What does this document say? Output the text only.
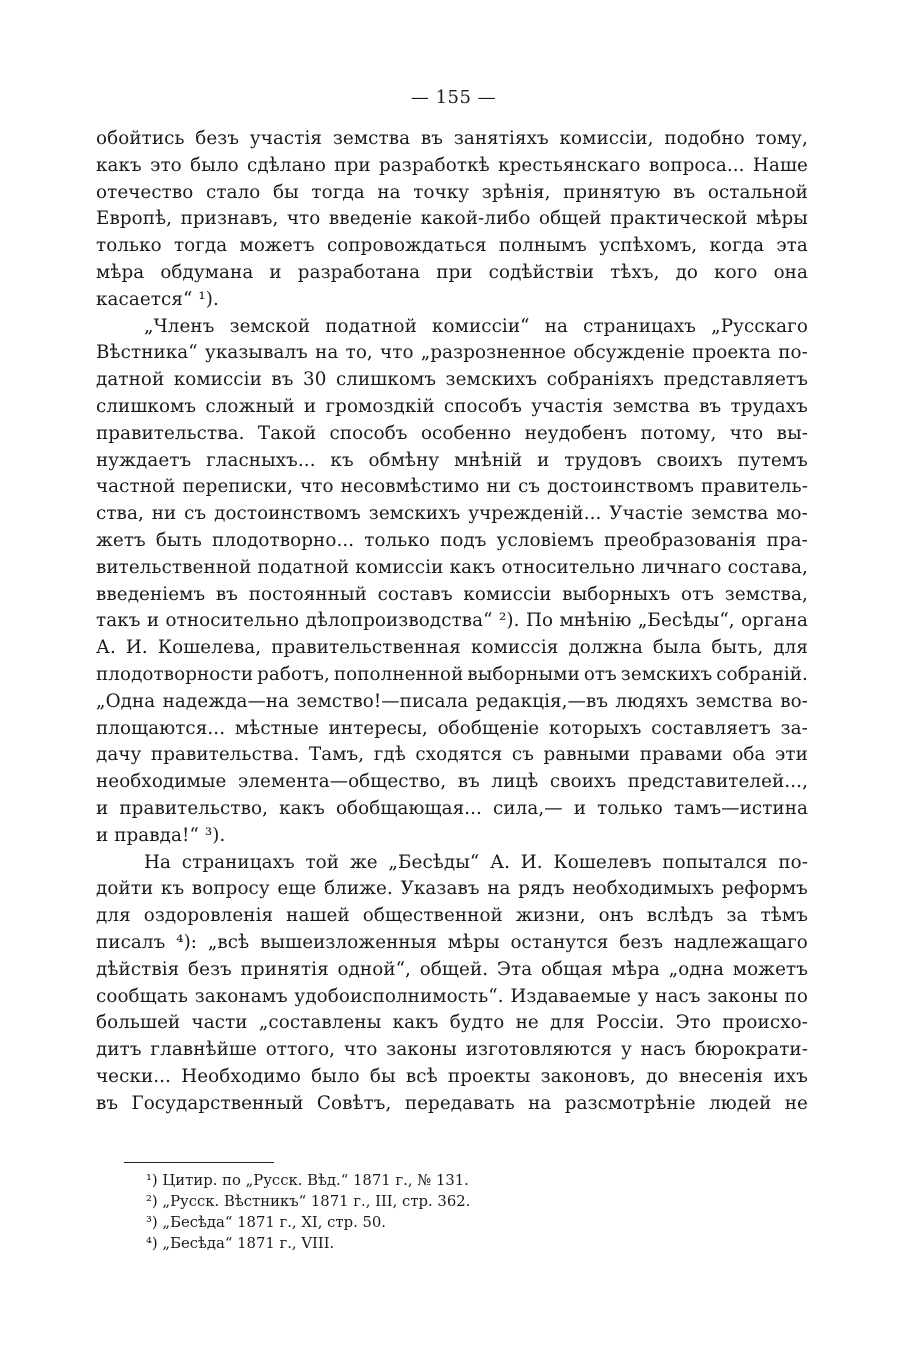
— 155 —
обойтись безъ участія земства въ занятіяхъ комиссіи, подобно тому,
какъ это было сдѣлано при разработкѣ крестьянскаго вопроса... Наше
отечество стало бы тогда на точку зрѣнія, принятую въ остальной
Европѣ, признавъ, что введеніе какой-либо общей практической мѣры
только тогда можетъ сопровождаться полнымъ успѣхомъ, когда эта
мѣра обдумана и разработана при содѣйствіи тѣхъ, до кого она
касается“ ¹).
„Членъ земской податной комиссіи“ на страницахъ „Русскаго
Вѣстника“ указывалъ на то, что „разрозненное обсужденіе проекта по-
датной комиссіи въ 30 слишкомъ земскихъ собраніяхъ представляетъ
слишкомъ сложный и громоздкій способъ участія земства въ трудахъ
правительства. Такой способъ особенно неудобенъ потому, что вы-
нуждаетъ гласныхъ... къ обмѣну мнѣній и трудовъ своихъ путемъ
частной переписки, что несовмѣстимо ни съ достоинствомъ правитель-
ства, ни съ достоинствомъ земскихъ учрежденій... Участіе земства мо-
жетъ быть плодотворно... только подъ условіемъ преобразованія пра-
вительственной податной комиссіи какъ относительно личнаго состава,
введеніемъ въ постоянный составъ комиссіи выборныхъ отъ земства,
такъ и относительно дѣлопроизводства“ ²). По мнѣнію „Бесѣды“, органа
А. И. Кошелева, правительственная комиссія должна была быть, для
плодотворности работъ, пополненной выборными отъ земскихъ собраній.
„Одна надежда—на земство!—писала редакція,—въ людяхъ земства во-
площаются... мѣстные интересы, обобщеніе которыхъ составляетъ за-
дачу правительства. Тамъ, гдѣ сходятся съ равными правами оба эти
необходимые элемента—общество, въ лицѣ своихъ представителей...,
и правительство, какъ обобщающая... сила,— и только тамъ—истина
и правда!“ ³).
На страницахъ той же „Бесѣды“ А. И. Кошелевъ попытался по-
дойти къ вопросу еще ближе. Указавъ на рядъ необходимыхъ реформъ
для оздоровленія нашей общественной жизни, онъ вслѣдъ за тѣмъ
писалъ ⁴): „всѣ вышеизложенныя мѣры останутся безъ надлежащаго
дѣйствія безъ принятія одной“, общей. Эта общая мѣра „одна можетъ
сообщать законамъ удобоисполнимость“. Издаваемые у насъ законы по
большей части „составлены какъ будто не для Россіи. Это происхо-
дитъ главнѣйше оттого, что законы изготовляются у насъ бюрократи-
чески... Необходимо было бы всѣ проекты законовъ, до внесенія ихъ
въ Государственный Совѣтъ, передавать на разсмотрѣніе людей не
¹) Цитир. по „Русск. Вѣд.“ 1871 г., № 131.
²) „Русск. Вѣстникъ“ 1871 г., III, стр. 362.
³) „Бесѣда“ 1871 г., XI, стр. 50.
⁴) „Бесѣда“ 1871 г., VIII.
